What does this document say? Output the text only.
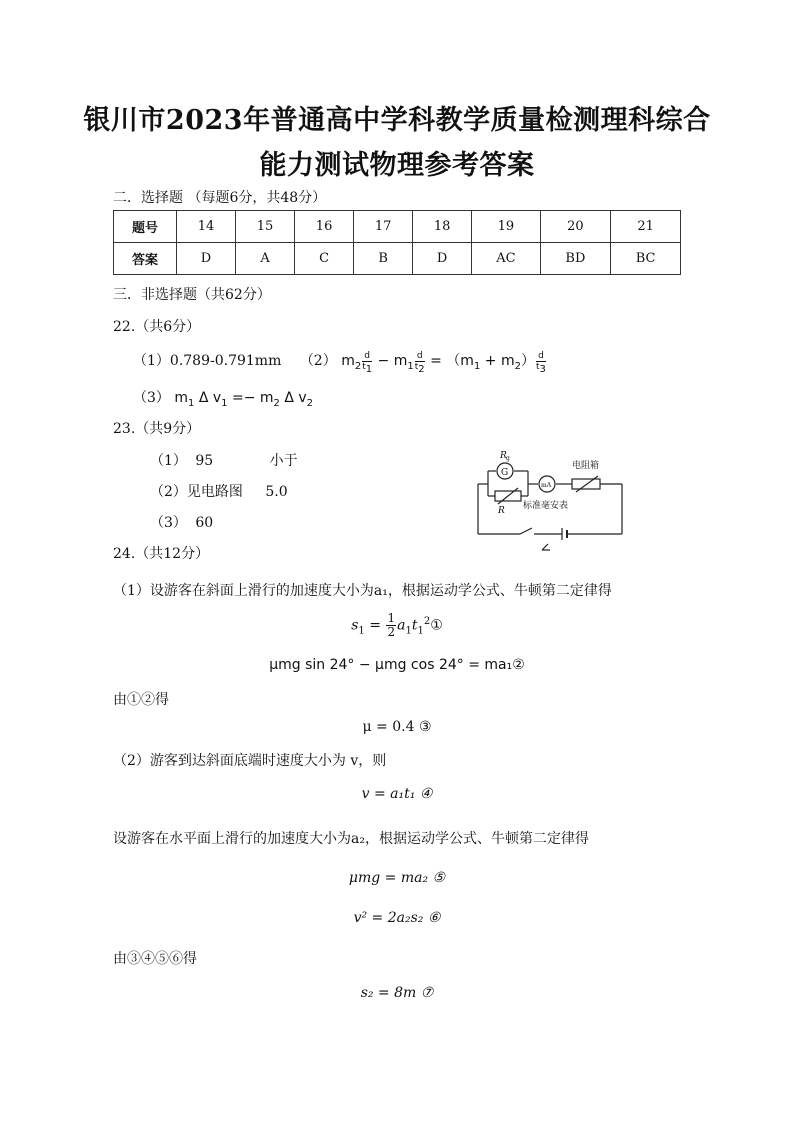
银川市2023年普通高中学科教学质量检测理科综合
能力测试物理参考答案
二．选择题 （每题6分，共48分）
题号	14	15	16	17	18	19	20	21
答案	D	A	C	B	D	AC	BD	BC
三．非选择题（共62分）
22.（共6分）
（1）0.789-0.791mm （2） $m_2 \frac{d}{t_1} - m_1 \frac{d}{t_2} = (m_1 + m_2) \frac{d}{t_3}$
（3） $m_1$ Δ $v_1 =- m_2$ Δ $v_2$
23.（共9分）
（1） 95	小于
（2）见电路图 5.0
（3） 60
R g
G
R
mA
电阻箱
标准毫安表
24.（共12分）
（1）设游客在斜面上滑行的加速度大小为a₁，根据运动学公式、牛顿第二定律得
$s_1 = \frac{1}{2}$ $a_1t_1^2①$
μmg sin 24° − μmg cos 24° = ma₁②
由①②得
μ = 0.4 ③
（2）游客到达斜面底端时速度大小为 v，则
v = a₁t₁ ④
设游客在水平面上滑行的加速度大小为a₂，根据运动学公式、牛顿第二定律得
μmg = ma₂ ⑤
v² = 2a₂s₂ ⑥
由③④⑤⑥得
s₂ = 8m ⑦
